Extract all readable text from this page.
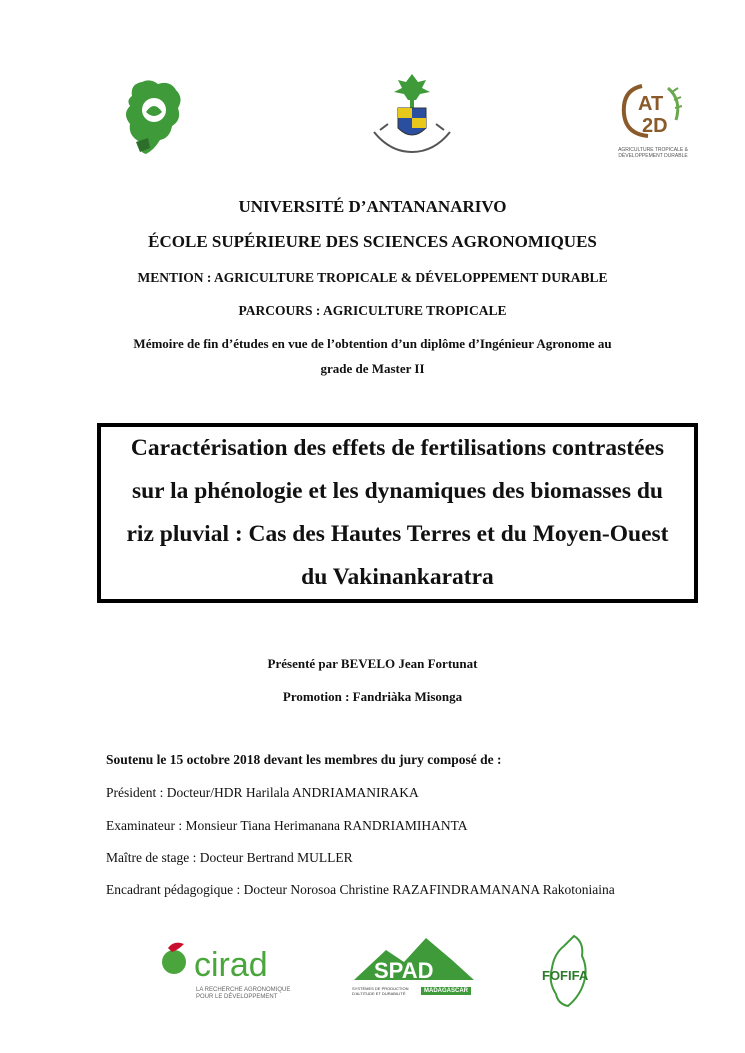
AT
2D
AGRICULTURE TROPICALE &
DÉVELOPPEMENT DURABLE
UNIVERSITÉ D’ANTANANARIVO
ÉCOLE SUPÉRIEURE DES SCIENCES AGRONOMIQUES
MENTION : AGRICULTURE TROPICALE & DÉVELOPPEMENT DURABLE
PARCOURS : AGRICULTURE TROPICALE
Mémoire de fin d’études en vue de l’obtention d’un diplôme d’Ingénieur Agronome au
grade de Master II
Caractérisation des effets de fertilisations contrastées
sur la phénologie et les dynamiques des biomasses du
riz pluvial : Cas des Hautes Terres et du Moyen-Ouest
du Vakinankaratra
Présenté par BEVELO Jean Fortunat
Promotion : Fandriàka Misonga
Soutenu le 15 octobre 2018 devant les membres du jury composé de :
Président : Docteur/HDR Harilala ANDRIAMANIRAKA
Examinateur : Monsieur Tiana Herimanana RANDRIAMIHANTA
Maître de stage : Docteur Bertrand MULLER
Encadrant pédagogique : Docteur Norosoa Christine RAZAFINDRAMANANA Rakotoniaina
cirad
LA RECHERCHE AGRONOMIQUE
POUR LE DÉVELOPPEMENT
SPAD
SYSTÈMES DE PRODUCTION D'ALTITUDE ET DURABILITÉ	MADAGASCAR
FOFIFA
